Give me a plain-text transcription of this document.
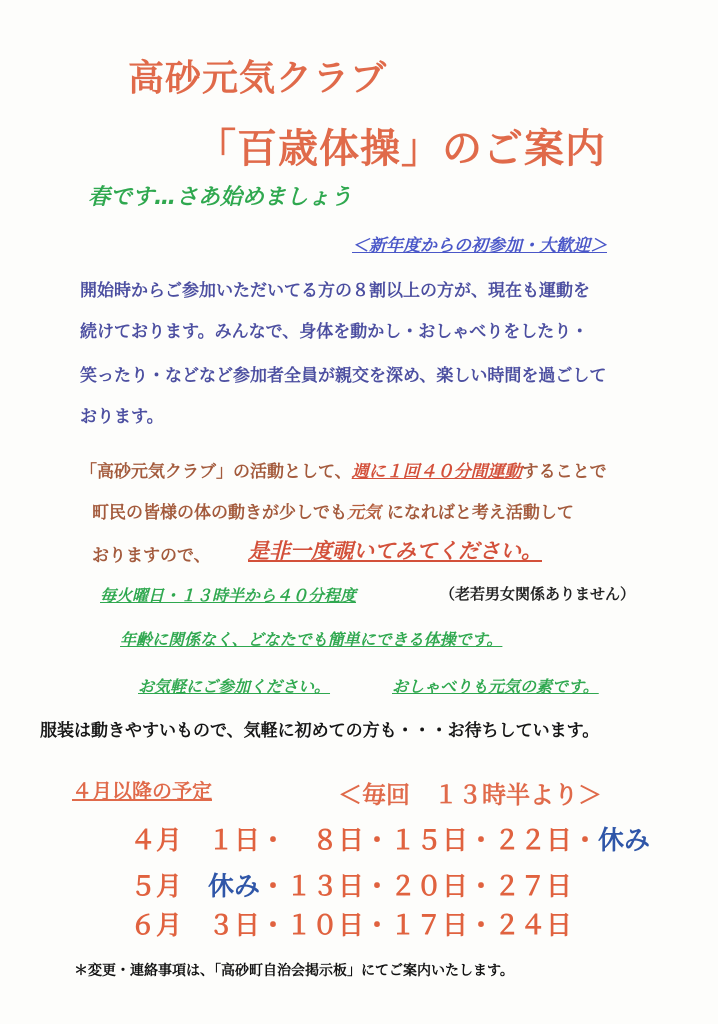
高砂元気クラブ
「百歳体操」のご案内
春です…さあ始めましょう
＜新年度からの初参加・大歓迎＞
開始時からご参加いただいてる方の８割以上の方が、現在も運動を
続けております。みんなで、身体を動かし・おしゃべりをしたり・
笑ったり・などなど参加者全員が親交を深め、楽しい時間を過ごして
おります。
「高砂元気クラブ」の活動として、週に１回４０分間運動することで
町民の皆様の体の動きが少しでも元気 になればと考え活動して
おりますので、 是非一度覗いてみてください。
毎火曜日・１３時半から４０分程度	（老若男女関係ありません）
年齢に関係なく、どなたでも簡単にできる体操です。
お気軽にご参加ください。	おしゃべりも元気の素です。
服装は動きやすいもので、気軽に初めての方も・・・お待ちしています。
４月以降の予定	＜毎回　１３時半より＞
４月　 １日・　８日・１５日・２２日・休み
５月　 休み・１３日・２０日・２７日
６月　 ３日・１０日・１７日・２４日
＊変更・連絡事項は、「高砂町自治会掲示板」にてご案内いたします。
